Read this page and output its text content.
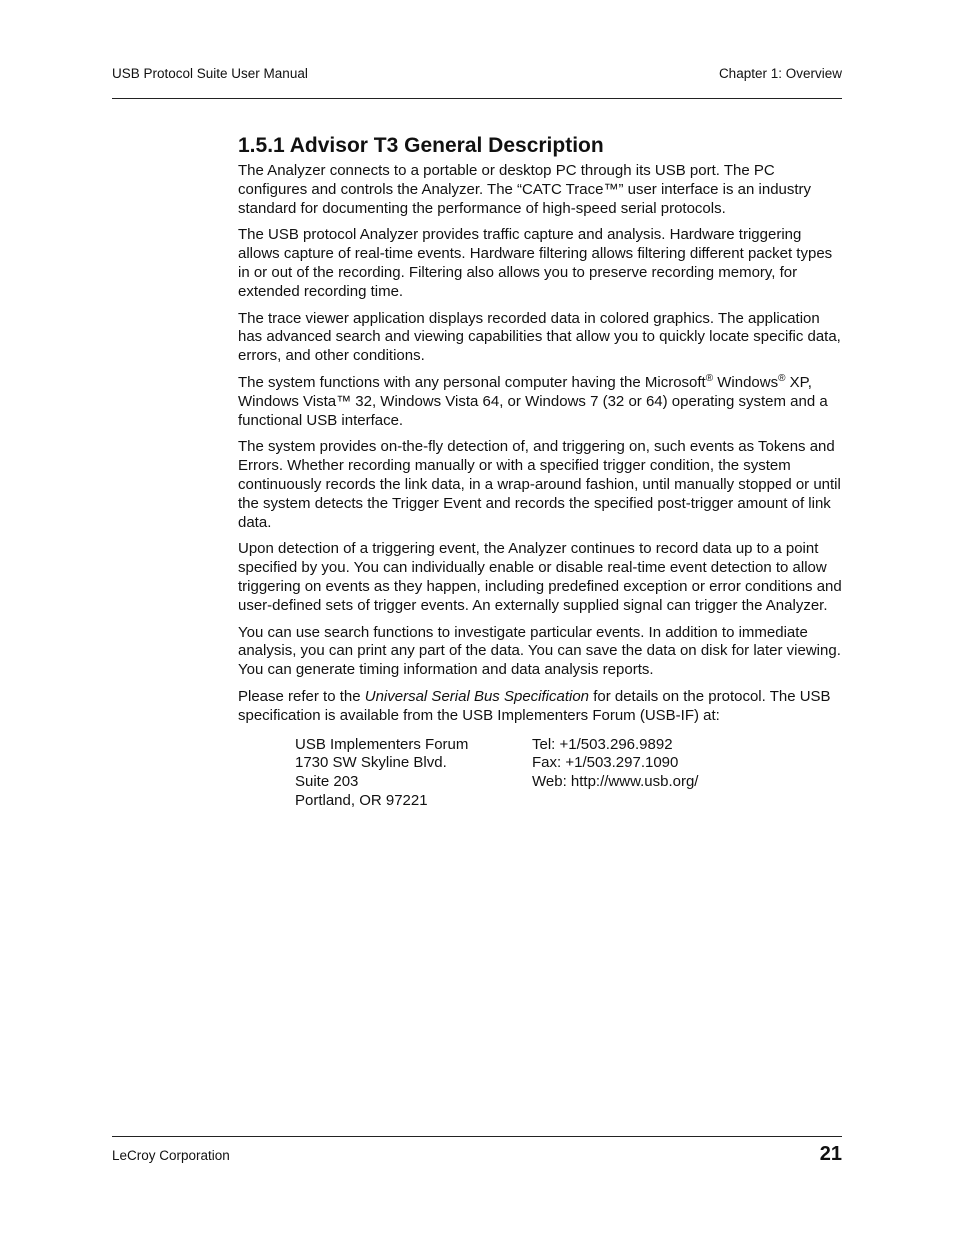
USB Protocol Suite User Manual	Chapter 1: Overview
1.5.1 Advisor T3 General Description

The Analyzer connects to a portable or desktop PC through its USB port. The PC configures and controls the Analyzer. The “CATC Trace™” user interface is an industry standard for documenting the performance of high-speed serial protocols.

The USB protocol Analyzer provides traffic capture and analysis. Hardware triggering allows capture of real-time events. Hardware filtering allows filtering different packet types in or out of the recording. Filtering also allows you to preserve recording memory, for extended recording time.

The trace viewer application displays recorded data in colored graphics. The application has advanced search and viewing capabilities that allow you to quickly locate specific data, errors, and other conditions.

The system functions with any personal computer having the Microsoft® Windows® XP, Windows Vista™ 32, Windows Vista 64, or Windows 7 (32 or 64) operating system and a functional USB interface.

The system provides on-the-fly detection of, and triggering on, such events as Tokens and Errors. Whether recording manually or with a specified trigger condition, the system continuously records the link data, in a wrap-around fashion, until manually stopped or until the system detects the Trigger Event and records the specified post-trigger amount of link data.

Upon detection of a triggering event, the Analyzer continues to record data up to a point specified by you. You can individually enable or disable real-time event detection to allow triggering on events as they happen, including predefined exception or error conditions and user-defined sets of trigger events. An externally supplied signal can trigger the Analyzer.

You can use search functions to investigate particular events. In addition to immediate analysis, you can print any part of the data. You can save the data on disk for later viewing. You can generate timing information and data analysis reports.

Please refer to the Universal Serial Bus Specification for details on the protocol. The USB specification is available from the USB Implementers Forum (USB-IF) at:

USB Implementers Forum
1730 SW Skyline Blvd.
Suite 203
Portland, OR 97221
Tel: +1/503.296.9892
Fax: +1/503.297.1090
Web: http://www.usb.org/
LeCroy Corporation	21
